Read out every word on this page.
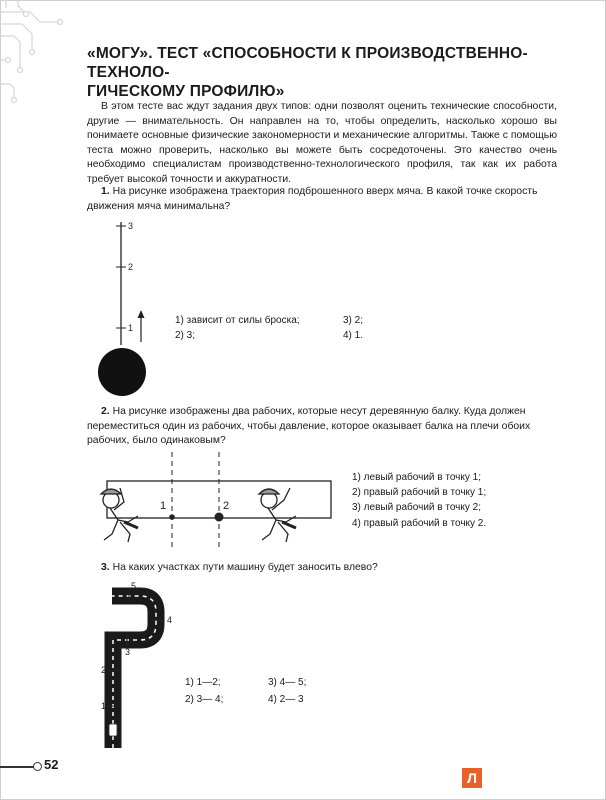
«МОГУ». ТЕСТ «СПОСОБНОСТИ К ПРОИЗВОДСТВЕННО-ТЕХНОЛО-
ГИЧЕСКОМУ ПРОФИЛЮ»

В этом тесте вас ждут задания двух типов: одни позволят оценить технические способности, другие — внимательность. Он направлен на то, чтобы определить, насколько хорошо вы понимаете основные физические закономерности и механические алгоритмы. Также с помощью теста можно проверить, насколько вы можете быть сосредоточены. Это качество очень необходимо специалистам производственно-технологического профиля, так как их работа требует высокой точности и аккуратности.

1. На рисунке изображена траектория подброшенного вверх мяча. В какой точке скорость движения мяча минимальна?

3
2
1
1) зависит от силы броска;	3) 2;
2) 3;	4) 1.

2. На рисунке изображены два рабочих, которые несут деревянную балку. Куда должен переместиться один из рабочих, чтобы давление, которое оказывает балка на плечи обоих рабочих, было одинаковым?

1	2
1) левый рабочий в точку 1;
2) правый рабочий в точку 1;
3) левый рабочий в точку 2;
4) правый рабочий в точку 2.

3. На каких участках пути машину будет заносить влево?

5
4
3
2
1
1) 1—2;	3) 4— 5;
2) 3— 4;	4) 2— 3
52
Л
